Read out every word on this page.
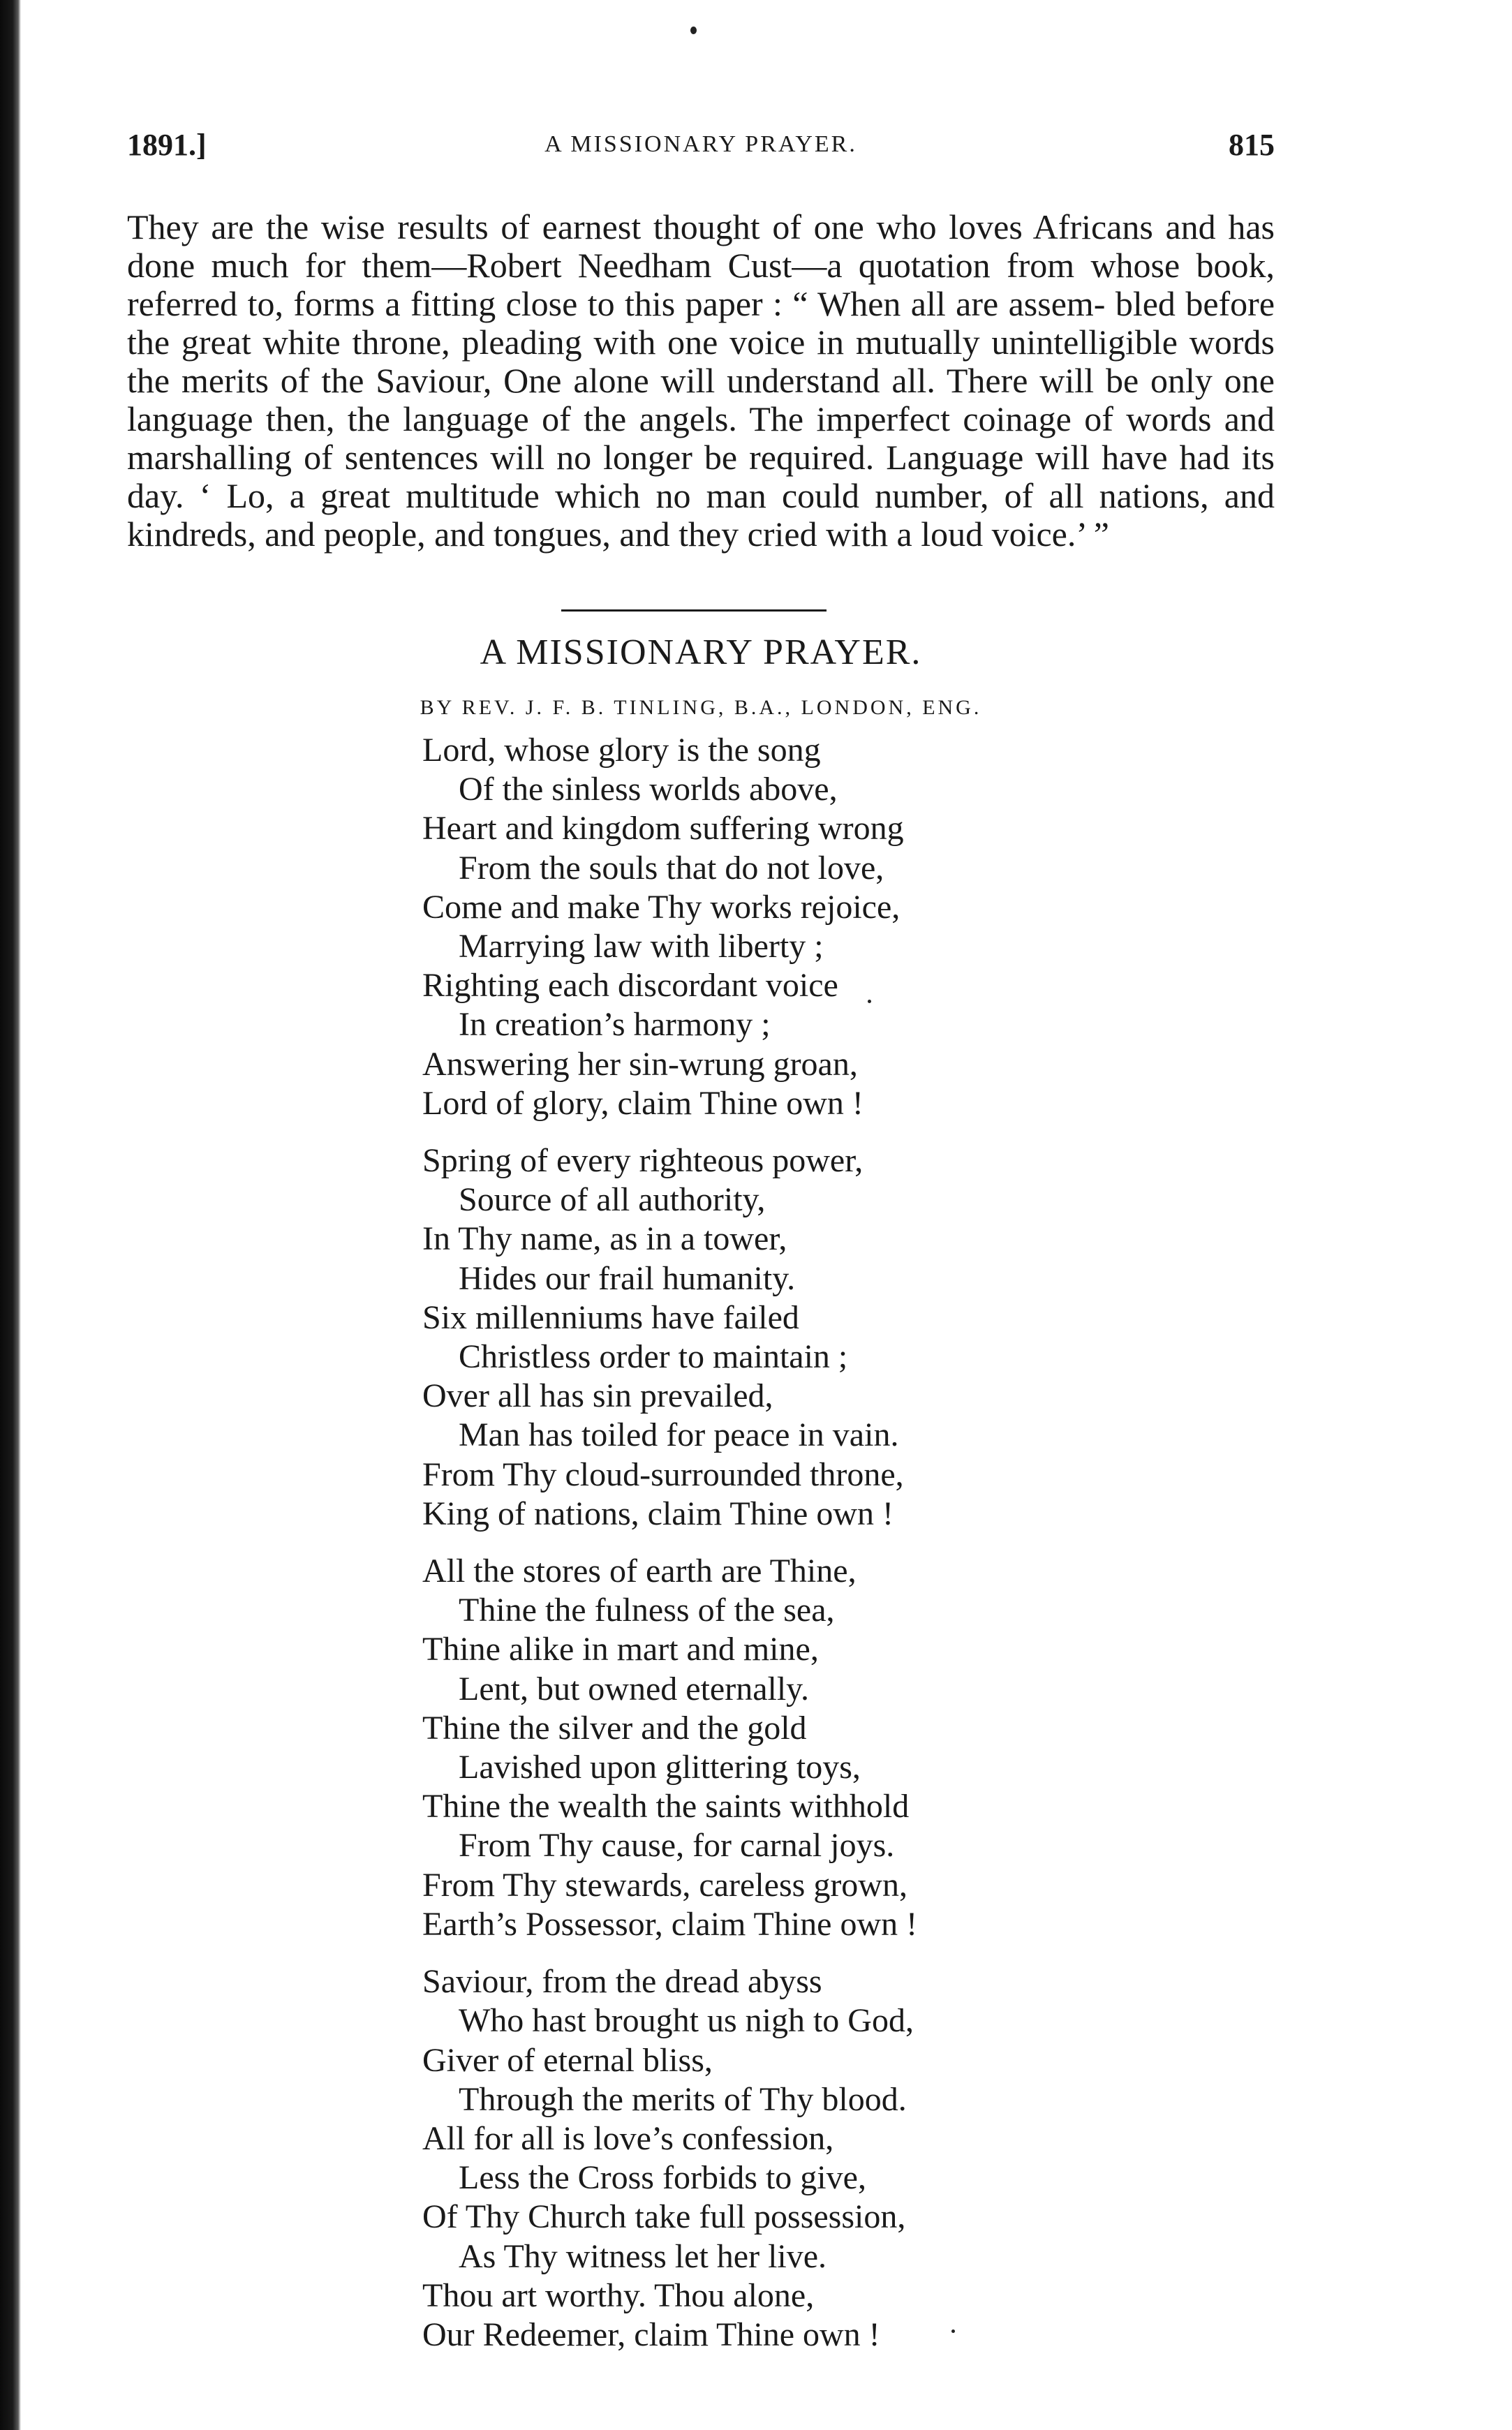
1891.]	A MISSIONARY PRAYER.	815
They are the wise results of earnest thought of one who loves Africans and has done much for them—Robert Needham Cust—a quotation from whose book, referred to, forms a fitting close to this paper : “ When all are assem- bled before the great white throne, pleading with one voice in mutually unintelligible words the merits of the Saviour, One alone will understand all. There will be only one language then, the language of the angels. The imperfect coinage of words and marshalling of sentences will no longer be required. Language will have had its day. ‘ Lo, a great multitude which no man could number, of all nations, and kindreds, and people, and tongues, and they cried with a loud voice.’ ”
A MISSIONARY PRAYER.
BY REV. J. F. B. TINLING, B.A., LONDON, ENG.
Lord, whose glory is the song
Of the sinless worlds above,
Heart and kingdom suffering wrong
From the souls that do not love,
Come and make Thy works rejoice,
Marrying law with liberty ;
Righting each discordant voice
In creation’s harmony ;
Answering her sin-wrung groan,
Lord of glory, claim Thine own !
Spring of every righteous power,
Source of all authority,
In Thy name, as in a tower,
Hides our frail humanity.
Six millenniums have failed
Christless order to maintain ;
Over all has sin prevailed,
Man has toiled for peace in vain.
From Thy cloud-surrounded throne,
King of nations, claim Thine own !
All the stores of earth are Thine,
Thine the fulness of the sea,
Thine alike in mart and mine,
Lent, but owned eternally.
Thine the silver and the gold
Lavished upon glittering toys,
Thine the wealth the saints withhold
From Thy cause, for carnal joys.
From Thy stewards, careless grown,
Earth’s Possessor, claim Thine own !
Saviour, from the dread abyss
Who hast brought us nigh to God,
Giver of eternal bliss,
Through the merits of Thy blood.
All for all is love’s confession,
Less the Cross forbids to give,
Of Thy Church take full possession,
As Thy witness let her live.
Thou art worthy. Thou alone,
Our Redeemer, claim Thine own !
